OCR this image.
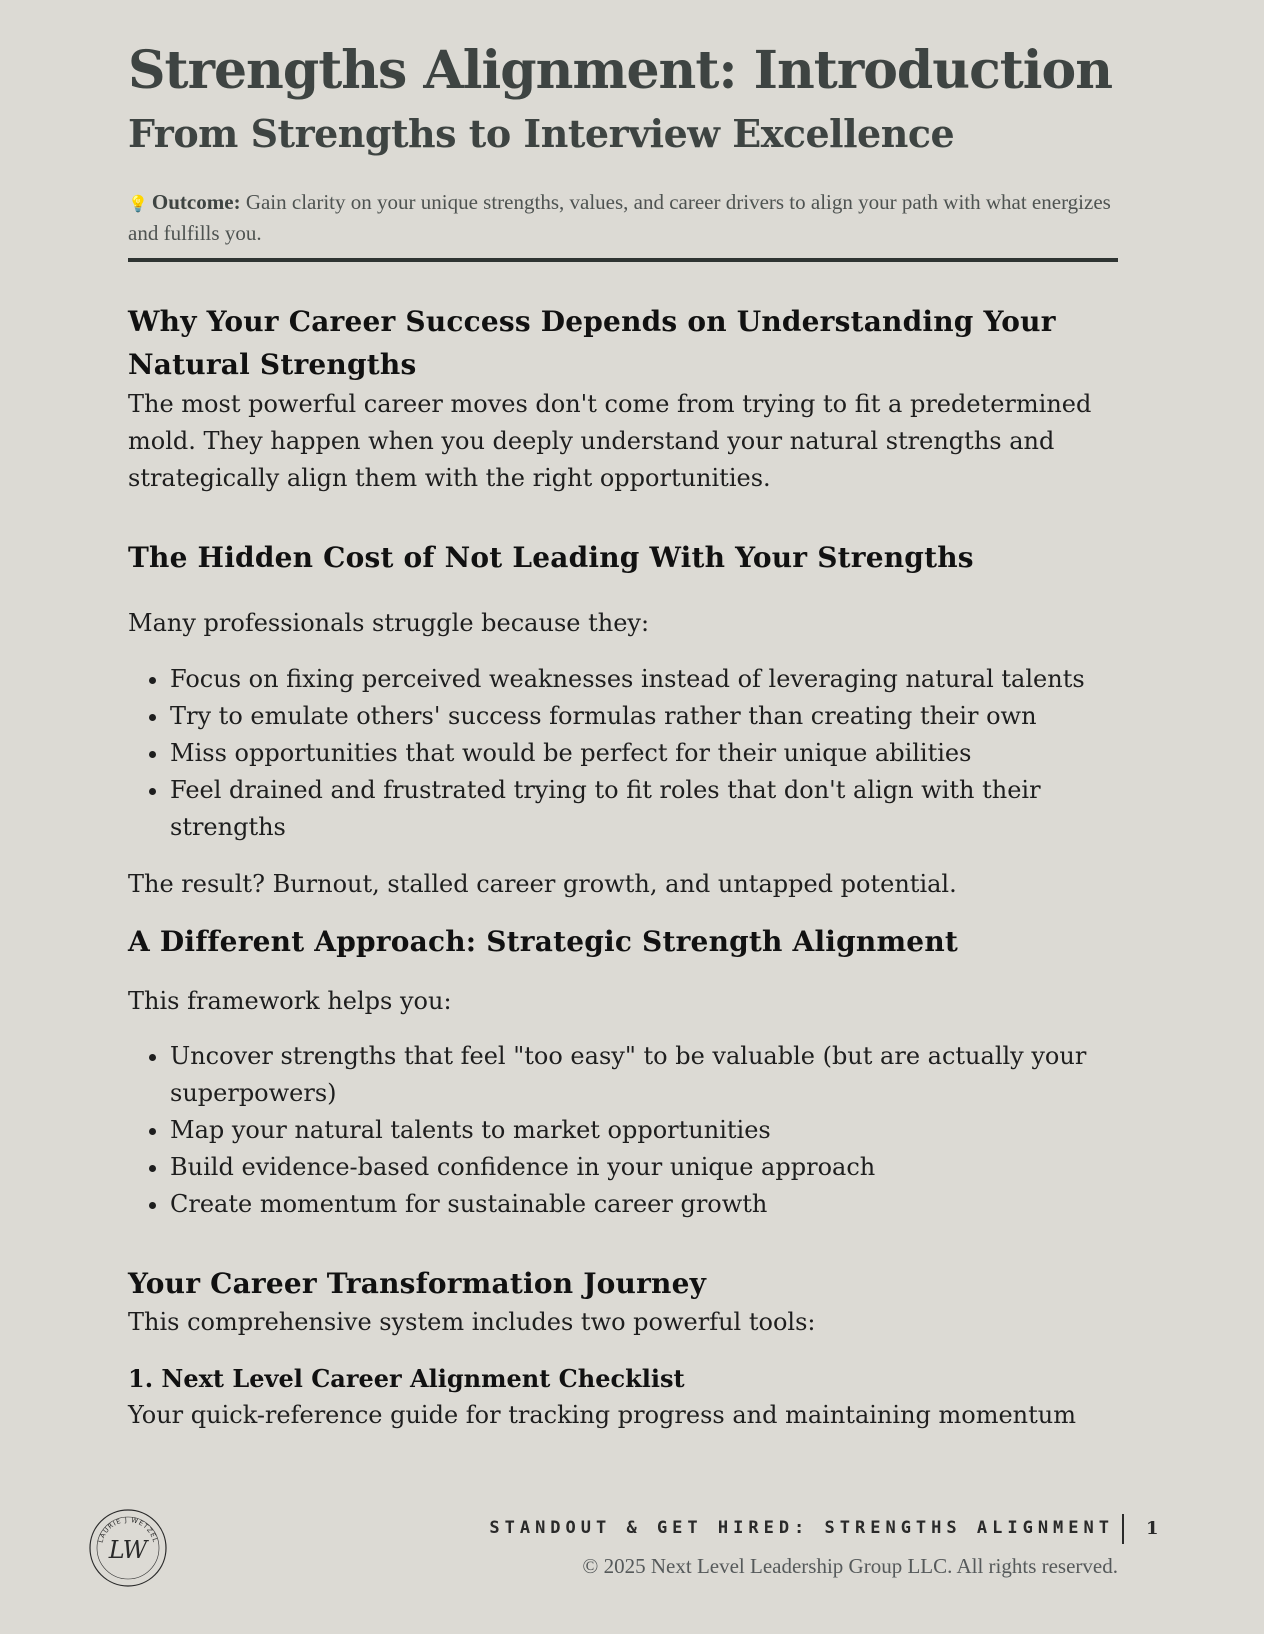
Strengths Alignment: Introduction
From Strengths to Interview Excellence

💡 Outcome: Gain clarity on your unique strengths, values, and career drivers to align your path with what energizes and fulfills you.

Why Your Career Success Depends on Understanding Your Natural Strengths

The most powerful career moves don't come from trying to fit a predetermined mold. They happen when you deeply understand your natural strengths and strategically align them with the right opportunities.

The Hidden Cost of Not Leading With Your Strengths

Many professionals struggle because they:

• Focus on fixing perceived weaknesses instead of leveraging natural talents
• Try to emulate others' success formulas rather than creating their own
• Miss opportunities that would be perfect for their unique abilities
• Feel drained and frustrated trying to fit roles that don't align with their strengths

The result? Burnout, stalled career growth, and untapped potential.

A Different Approach: Strategic Strength Alignment

This framework helps you:

• Uncover strengths that feel "too easy" to be valuable (but are actually your superpowers)
• Map your natural talents to market opportunities
• Build evidence-based confidence in your unique approach
• Create momentum for sustainable career growth
Your Career Transformation Journey

This comprehensive system includes two powerful tools:

1. Next Level Career Alignment Checklist

Your quick-reference guide for tracking progress and maintaining momentum

LAURIE J WETZEL
LW
STANDOUT & GET HIRED: STRENGTHS ALIGNMENT 1
© 2025 Next Level Leadership Group LLC. All rights reserved.
